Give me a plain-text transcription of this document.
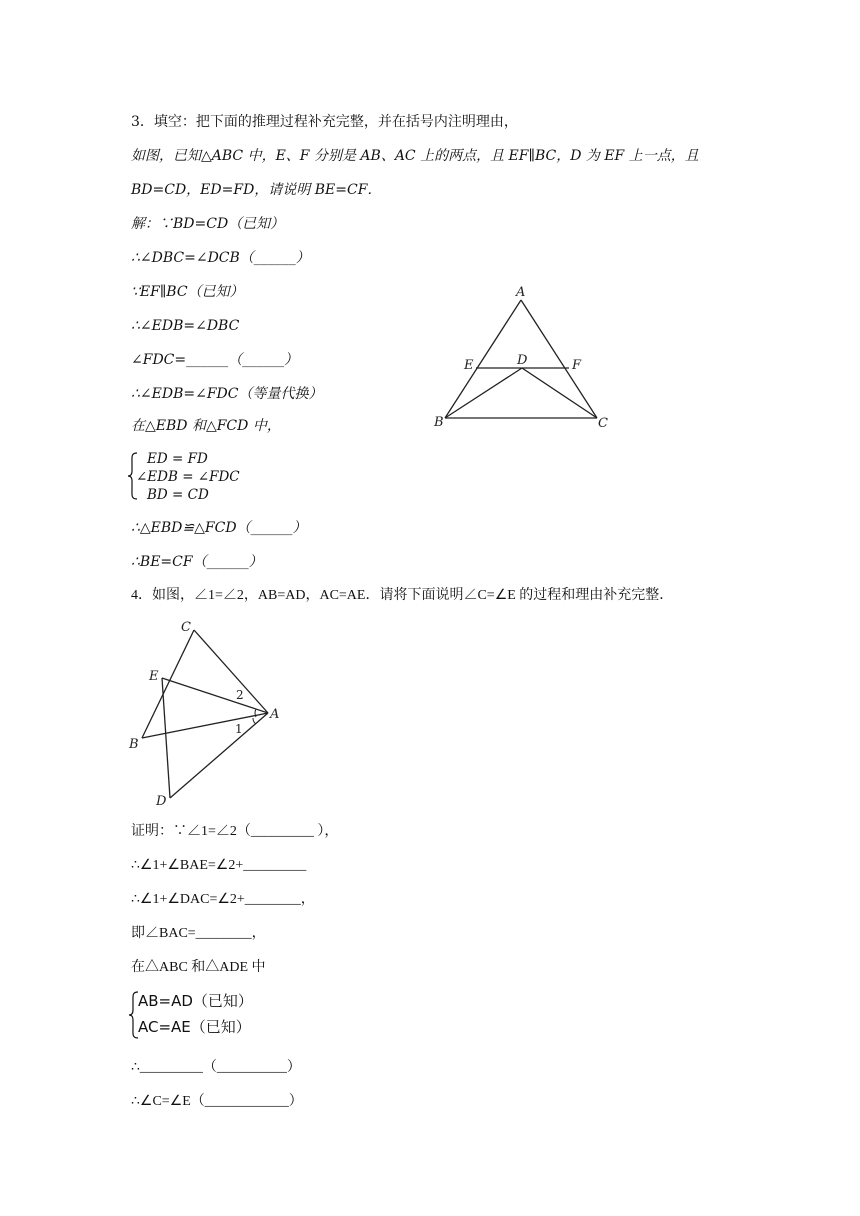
3．填空：把下面的推理过程补充完整，并在括号内注明理由，
如图，已知△ABC 中，E、F 分别是 AB、AC 上的两点，且 EF∥BC，D 为 EF 上一点，且
BD=CD，ED=FD，请说明 BE=CF．
解：∵BD=CD（已知）
∴∠DBC=∠DCB（______）
∵EF∥BC（已知）
∴∠EDB=∠DBC
∠FDC=______（______）
∴∠EDB=∠FDC（等量代换）
在△EBD 和△FCD 中，
ED = FD
∠EDB = ∠FDC
BD = CD
∴△EBD≌△FCD（______）
∴BE=CF（______）
A
E	D	F
B	C
4．如图，∠1=∠2，AB=AD，AC=AE．请将下面说明∠C=∠E 的过程和理由补充完整．
C
E
2
A
1
B
D
证明：∵∠1=∠2（_________ ），
∴∠1+∠BAE=∠2+_________
∴∠1+∠DAC=∠2+________，
即∠BAC=________，
在△ABC 和△ADE 中
AB=AD（已知）
AC=AE（已知）
∴_________（__________）
∴∠C=∠E（____________）
